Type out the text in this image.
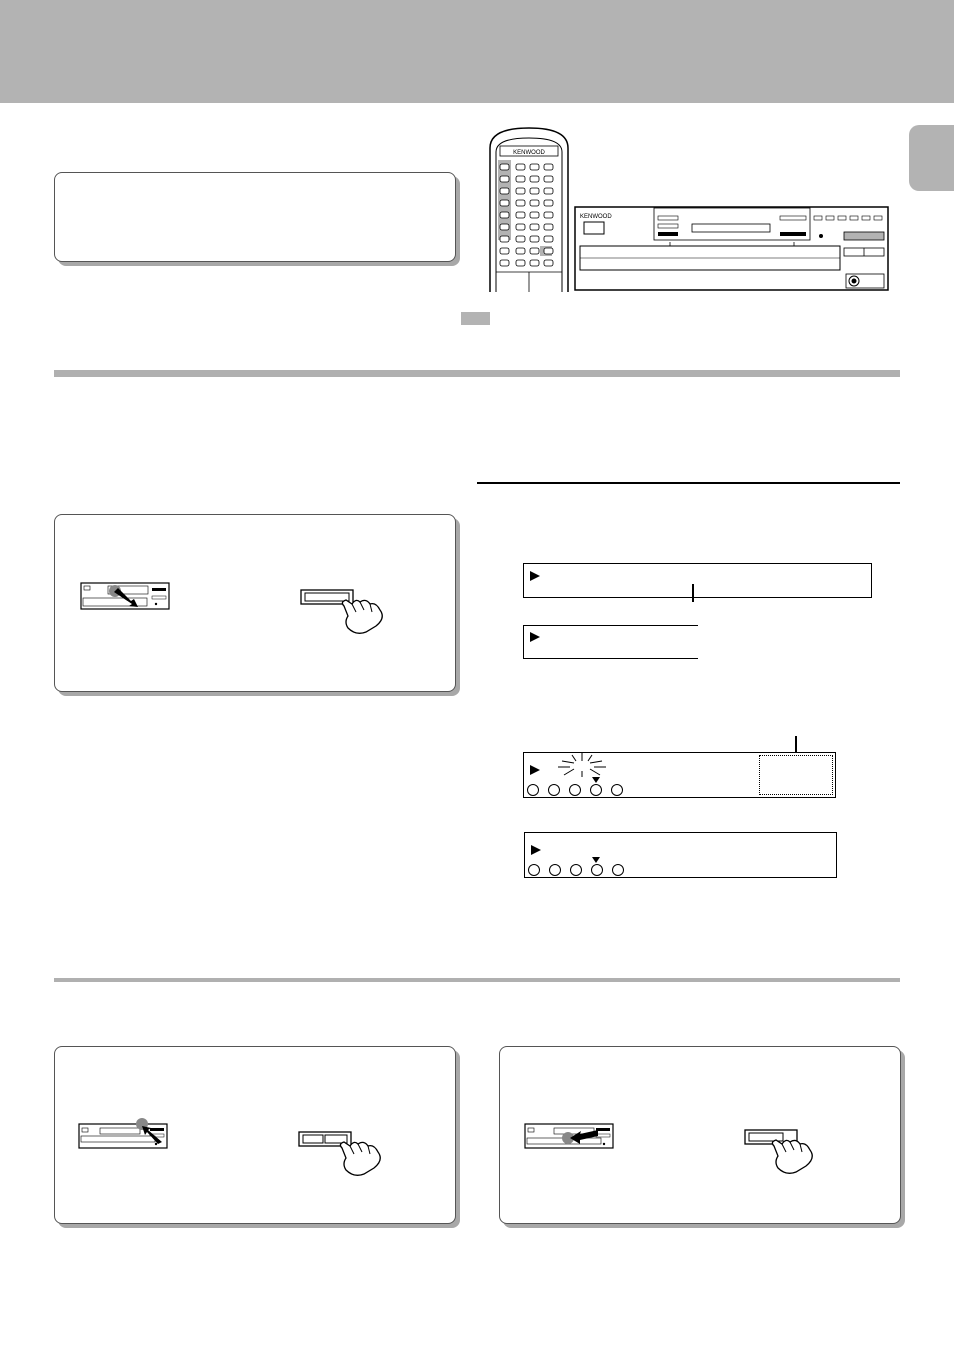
KENWOOD
KENWOOD
